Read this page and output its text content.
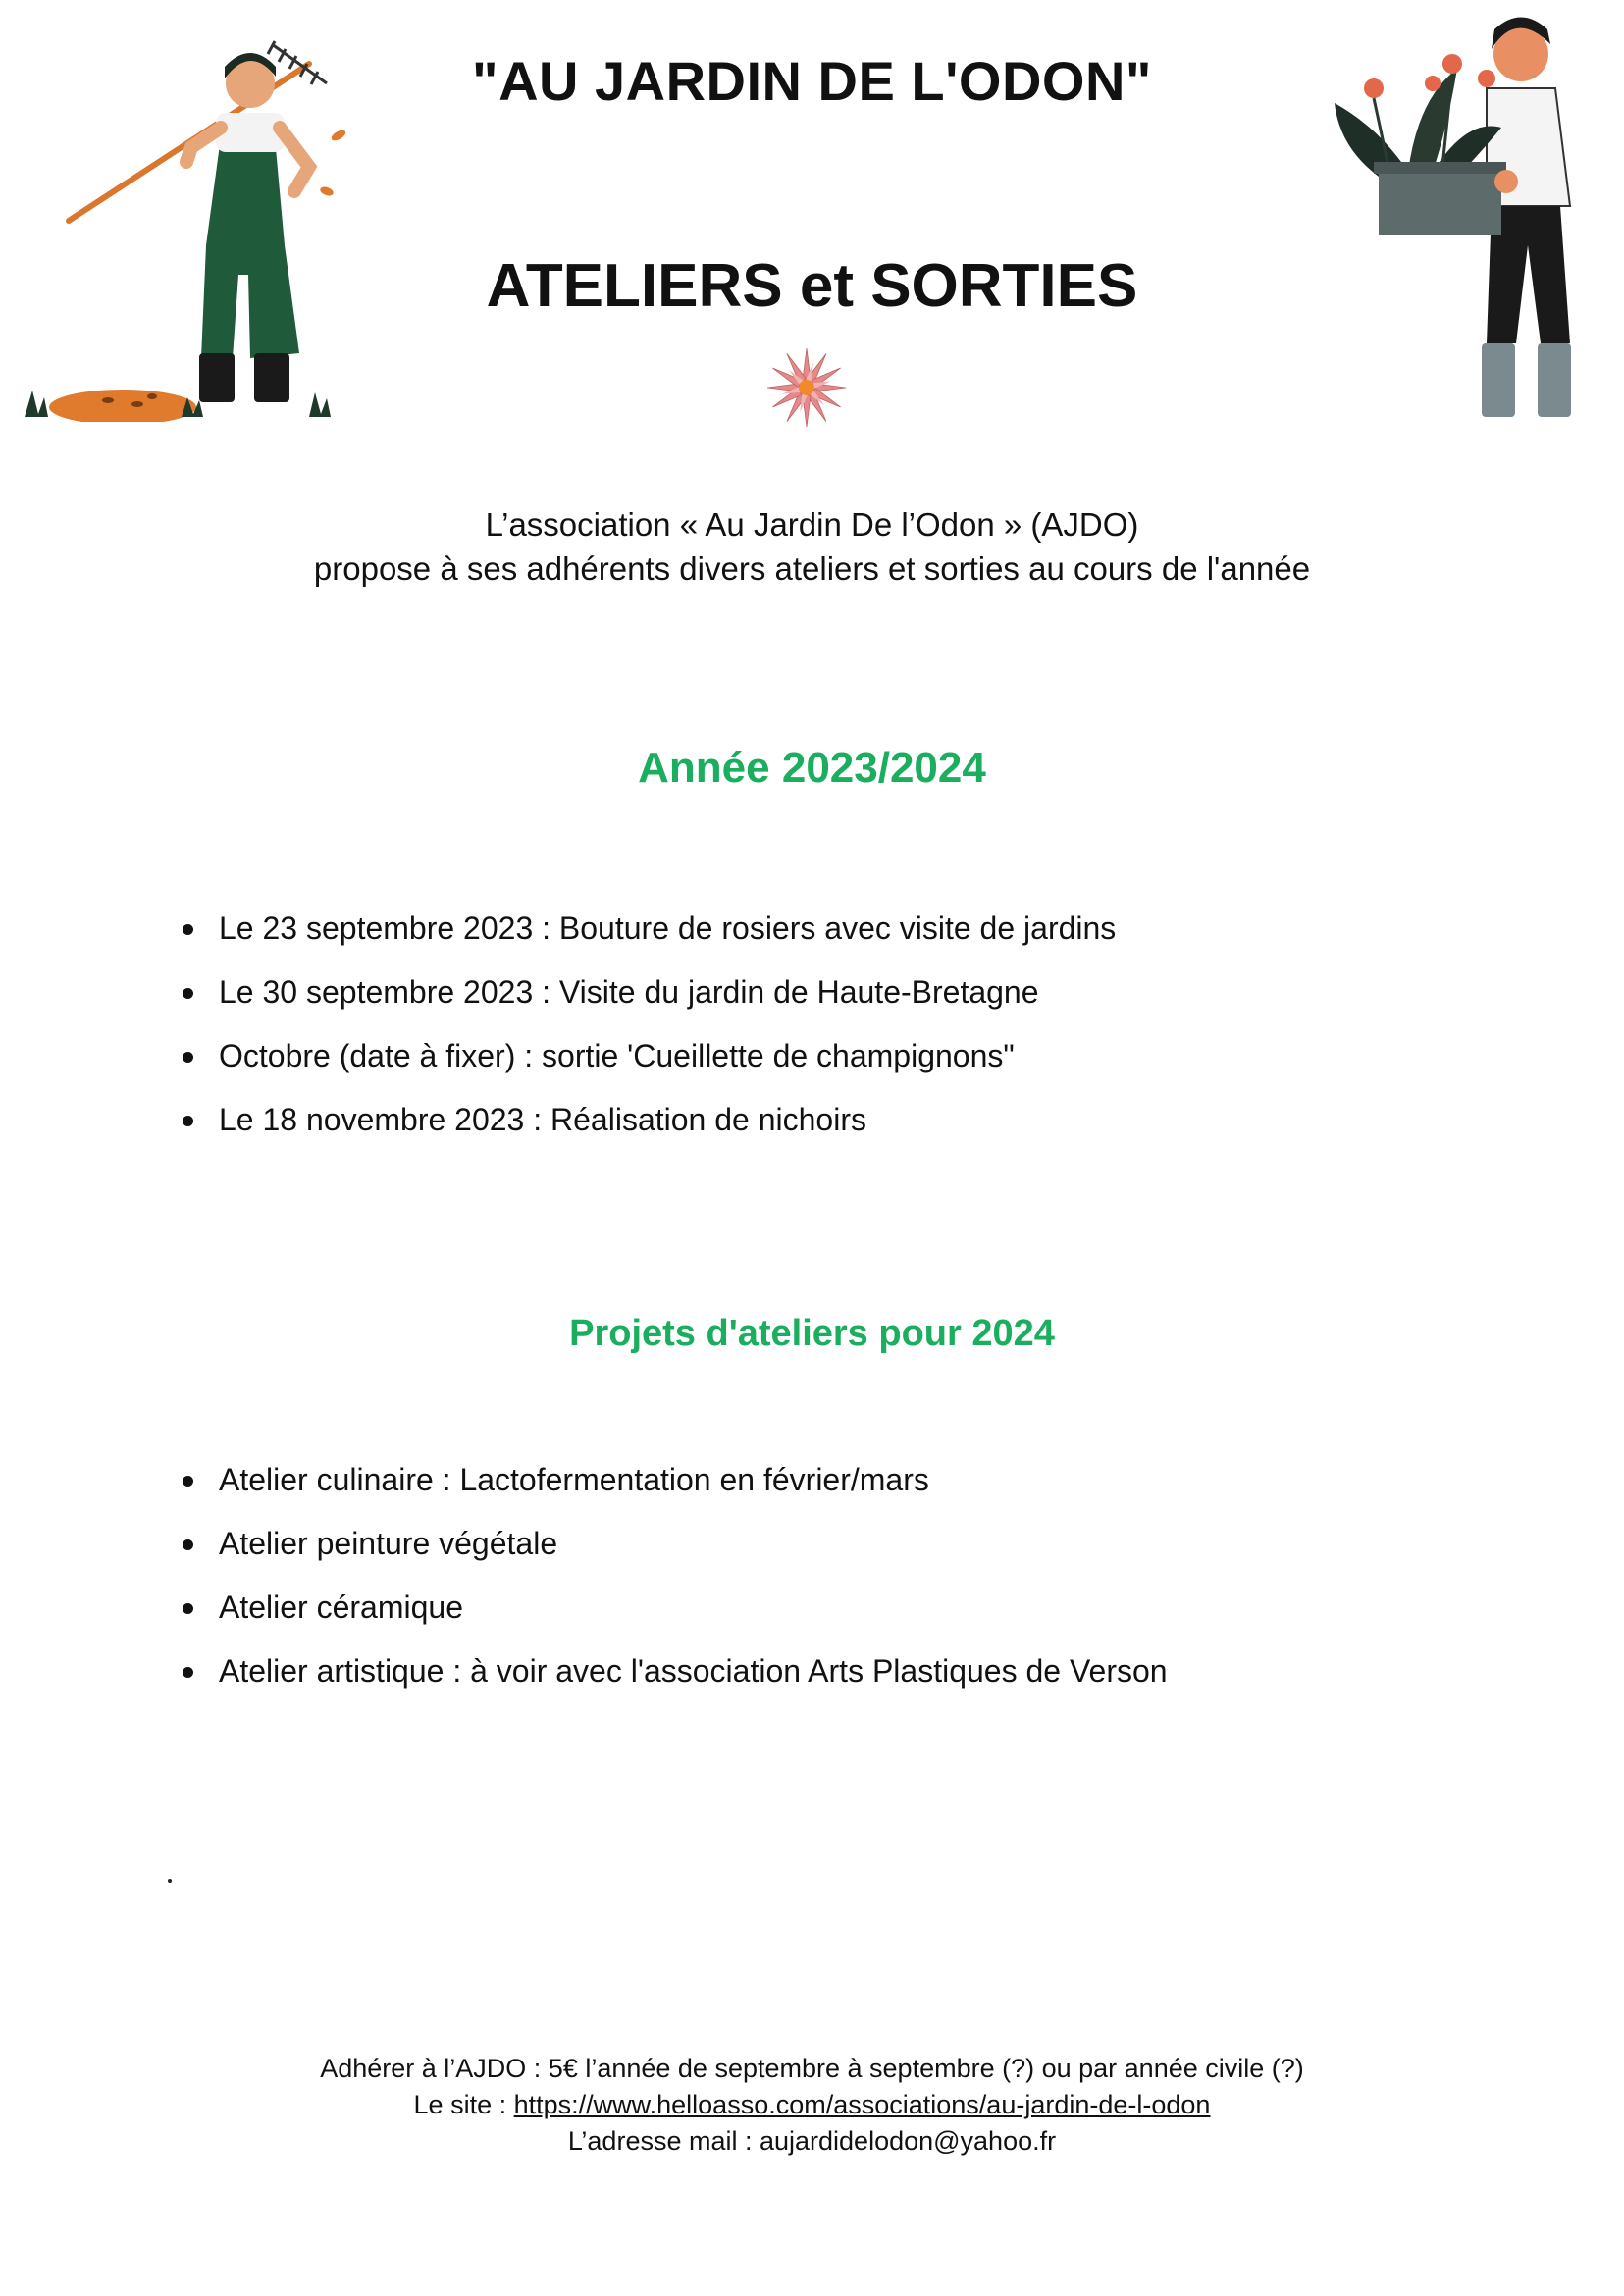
"AU JARDIN DE L'ODON"
ATELIERS et SORTIES
L’association « Au Jardin De l’Odon » (AJDO)
propose à ses adhérents divers ateliers et sorties au cours de l'année
Année 2023/2024
Le 23 septembre 2023 : Bouture de rosiers avec visite de jardins
Le 30 septembre 2023 : Visite du jardin de Haute-Bretagne
Octobre (date à fixer) : sortie 'Cueillette de champignons"
Le 18 novembre 2023 : Réalisation de nichoirs
Projets d'ateliers pour 2024
Atelier culinaire : Lactofermentation en février/mars
Atelier peinture végétale
Atelier céramique
Atelier artistique : à voir avec l'association Arts Plastiques de Verson
Adhérer à l’AJDO : 5€ l’année de septembre à septembre (?) ou par année civile (?)
Le site : https://www.helloasso.com/associations/au-jardin-de-l-odon
L’adresse mail : aujardidelodon@yahoo.fr
